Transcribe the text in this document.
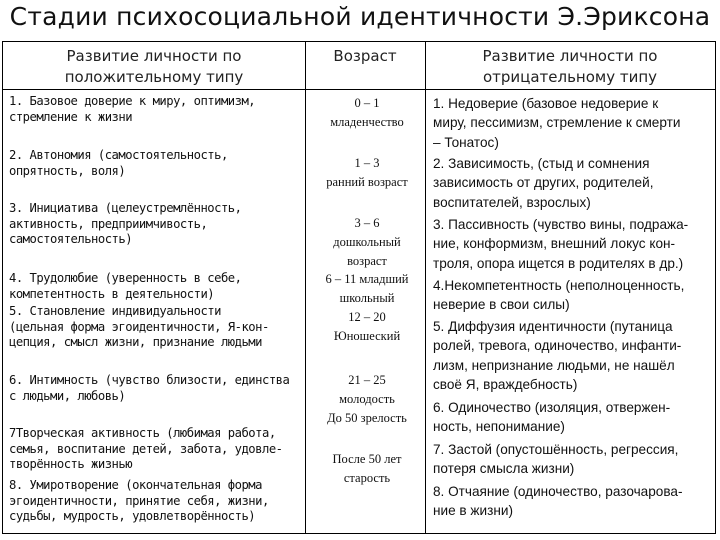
Стадии психосоциальной идентичности Э.Эриксона
Развитие личности по
положительному типу
Возраст	Развитие личности по
отрицательному типу
1. Базовое доверие к миру, оптимизм,
стремление к жизни
2. Автономия (самостоятельность,
опрятность, воля)
3. Инициатива (целеустремлённость,
активность, предприимчивость,
самостоятельность)
4. Трудолюбие (уверенность в себе,
компетентность в деятельности)
5. Становление индивидуальности
(цельная форма эгоидентичности, Я-кон-
цепция, смысл жизни, признание людьми
6. Интимность (чувство близости, единства
с людьми, любовь)
7Творческая активность (любимая работа,
семья, воспитание детей, забота, удовле-
творённость жизнью
8. Умиротворение (окончательная форма
эгоидентичности, принятие себя, жизни,
судьбы, мудрость, удовлетворённость)
0 – 1
младенчество
1 – 3
ранний возраст
3 – 6
дошкольный
возраст
6 – 11 младший
школьный
12 – 20
Юношеский
21 – 25
молодость
До 50 зрелость
После 50 лет
старость
1. Недоверие (базовое недоверие к
миру, пессимизм, стремление к смерти
– Тонатос)
2. Зависимость, (стыд и сомнения
зависимость от других, родителей,
воспитателей, взрослых)
3. Пассивность (чувство вины, подража-
ние, конформизм, внешний локус кон-
троля, опора ищется в родителях в др.)
4.Некомпетентность (неполноценность,
неверие в свои силы)
5. Диффузия идентичности (путаница
ролей, тревога, одиночество, инфанти-
лизм, непризнание людьми, не нашёл
своё Я, враждебность)
6. Одиночество (изоляция, отвержен-
ность, непонимание)
7. Застой (опустошённость, регрессия,
потеря смысла жизни)
8. Отчаяние (одиночество, разочарова-
ние в жизни)
